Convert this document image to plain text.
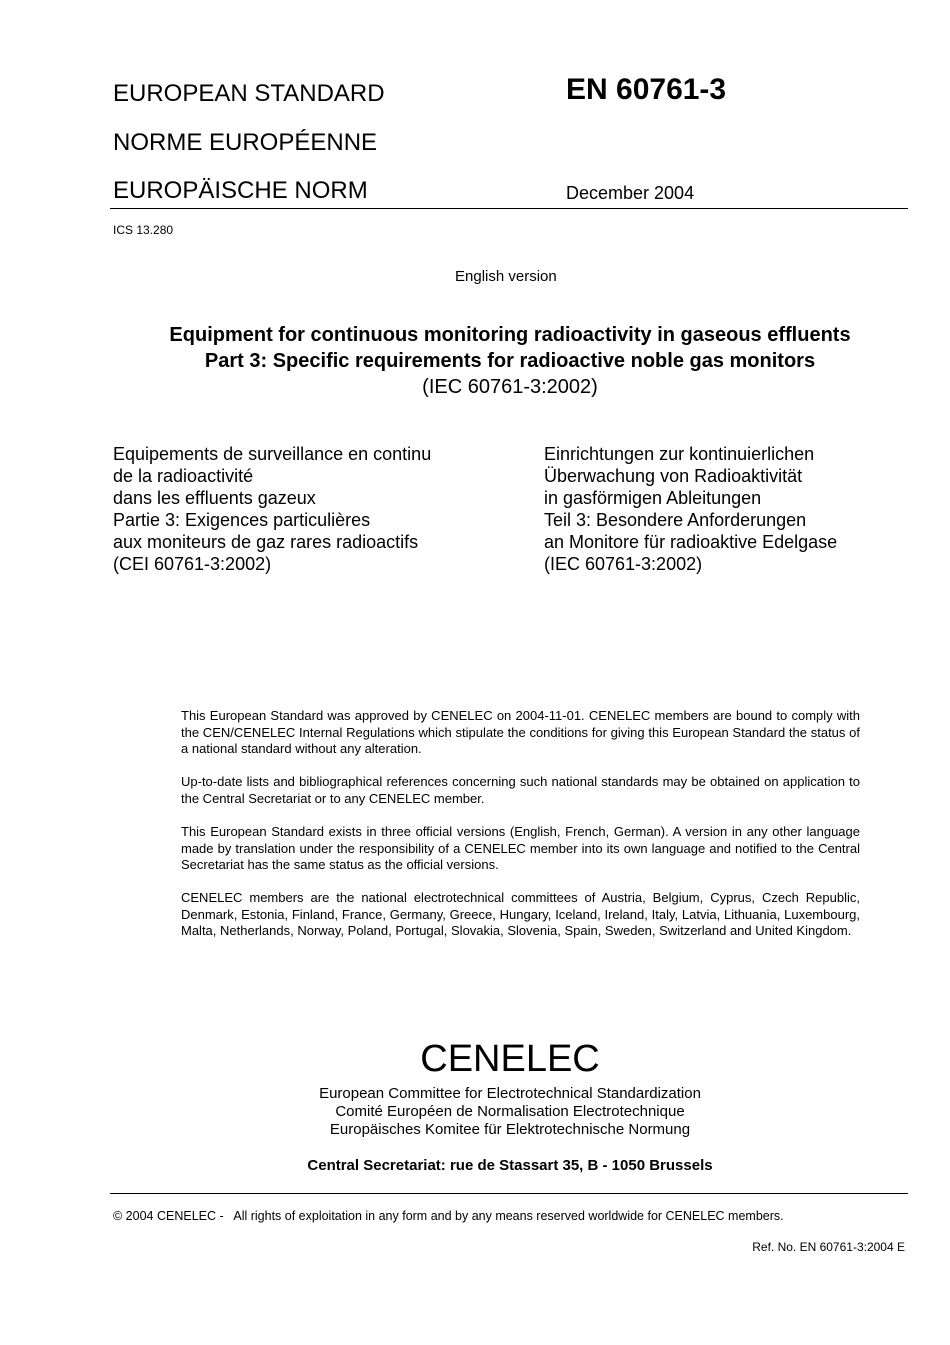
EUROPEAN STANDARD	EN 60761-3
NORME EUROPÉENNE
EUROPÄISCHE NORM	December 2004
ICS 13.280
English version
Equipment for continuous monitoring radioactivity in gaseous effluents
Part 3: Specific requirements for radioactive noble gas monitors
(IEC 60761-3:2002)
Equipements de surveillance en continu
de la radioactivité
dans les effluents gazeux
Partie 3: Exigences particulières
aux moniteurs de gaz rares radioactifs
(CEI 60761-3:2002)
Einrichtungen zur kontinuierlichen
Überwachung von Radioaktivität
in gasförmigen Ableitungen
Teil 3: Besondere Anforderungen
an Monitore für radioaktive Edelgase
(IEC 60761-3:2002)
This European Standard was approved by CENELEC on 2004-11-01. CENELEC members are bound to comply with the CEN/CENELEC Internal Regulations which stipulate the conditions for giving this European Standard the status of a national standard without any alteration.
Up-to-date lists and bibliographical references concerning such national standards may be obtained on application to the Central Secretariat or to any CENELEC member.
This European Standard exists in three official versions (English, French, German). A version in any other language made by translation under the responsibility of a CENELEC member into its own language and notified to the Central Secretariat has the same status as the official versions.
CENELEC members are the national electrotechnical committees of Austria, Belgium, Cyprus, Czech Republic, Denmark, Estonia, Finland, France, Germany, Greece, Hungary, Iceland, Ireland, Italy, Latvia, Lithuania, Luxembourg, Malta, Netherlands, Norway, Poland, Portugal, Slovakia, Slovenia, Spain, Sweden, Switzerland and United Kingdom.
CENELEC
European Committee for Electrotechnical Standardization
Comité Européen de Normalisation Electrotechnique
Europäisches Komitee für Elektrotechnische Normung
Central Secretariat: rue de Stassart 35, B - 1050 Brussels
© 2004 CENELEC -   All rights of exploitation in any form and by any means reserved worldwide for CENELEC members.
Ref. No. EN 60761-3:2004 E
